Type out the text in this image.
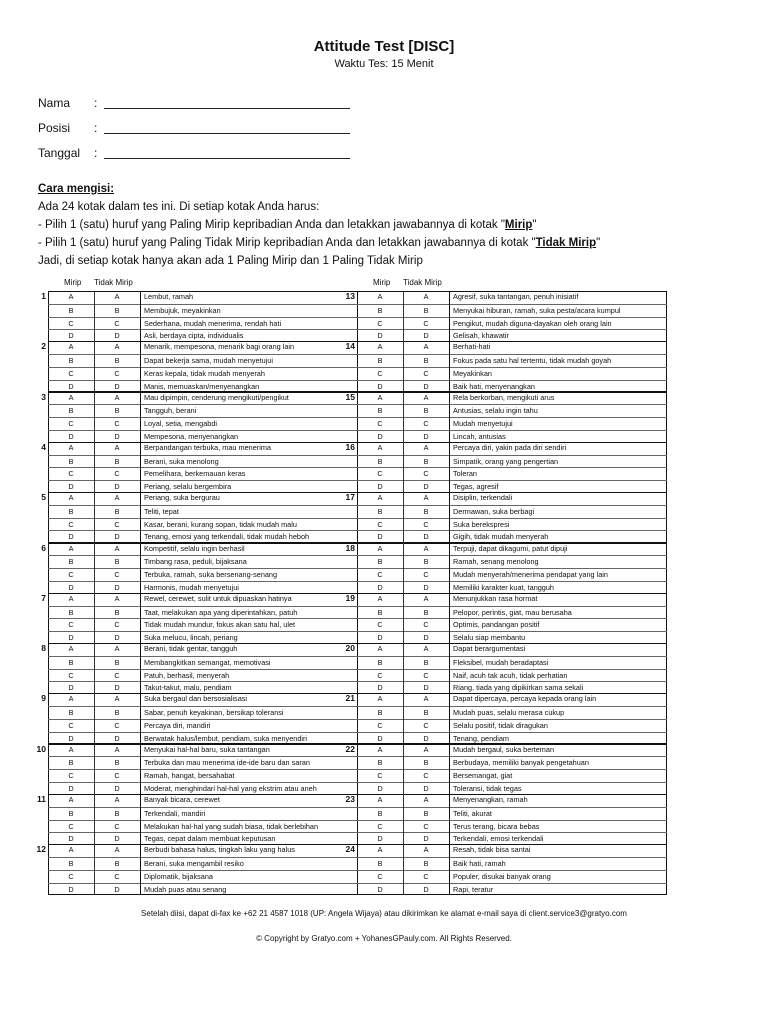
Attitude Test [DISC]
Waktu Tes: 15 Menit
Nama	:
Posisi	:
Tanggal	:
Cara mengisi:
Ada 24 kotak dalam tes ini. Di setiap kotak Anda harus:
- Pilih 1 (satu) huruf yang Paling Mirip kepribadian Anda dan letakkan jawabannya di kotak "Mirip"
- Pilih 1 (satu) huruf yang Paling Tidak Mirip kepribadian Anda dan letakkan jawabannya di kotak "Tidak Mirip"
Jadi, di setiap kotak hanya akan ada 1 Paling Mirip dan 1 Paling Tidak Mirip
Mirip Tidak Mirip	Mirip Tidak Mirip
1	A	A	Lembut, ramah
B	B	Membujuk, meyakinkan
C	C	Sederhana, mudah menerima, rendah hati
D	D	Asli, berdaya cipta, individualis
2	A	A	Menarik, mempesona, menarik bagi orang lain
B	B	Dapat bekerja sama, mudah menyetujui
C	C	Keras kepala, tidak mudah menyerah
D	D	Manis, memuaskan/menyenangkan
3	A	A	Mau dipimpin, cenderung mengikuti/pengikut
B	B	Tangguh, berani
C	C	Loyal, setia, mengabdi
D	D	Mempesona, menyenangkan
4	A	A	Berpandangan terbuka, mau menerima
B	B	Berani, suka menolong
C	C	Pemelihara, berkemauan keras
D	D	Periang, selalu bergembira
5	A	A	Periang, suka bergurau
B	B	Teliti, tepat
C	C	Kasar, berani, kurang sopan, tidak mudah malu
D	D	Tenang, emosi yang terkendali, tidak mudah heboh
6	A	A	Kompetitif, selalu ingin berhasil
B	B	Timbang rasa, peduli, bijaksana
C	C	Terbuka, ramah, suka bersenang-senang
D	D	Harmonis, mudah menyetujui
7	A	A	Rewel, cerewet, sulit untuk dipuaskan hatinya
B	B	Taat, melakukan apa yang diperintahkan, patuh
C	C	Tidak mudah mundur, fokus akan satu hal, ulet
D	D	Suka melucu, lincah, periang
8	A	A	Berani, tidak gentar, tangguh
B	B	Membangkitkan semangat, memotivasi
C	C	Patuh, berhasil, menyerah
D	D	Takut-takut, malu, pendiam
9	A	A	Suka bergaul dan bersosialisasi
B	B	Sabar, penuh keyakinan, bersikap toleransi
C	C	Percaya diri, mandiri
D	D	Berwatak halus/lembut, pendiam, suka menyendiri
10	A	A	Menyukai hal-hal baru, suka tantangan
B	B	Terbuka dan mau menerima ide-ide baru dan saran
C	C	Ramah, hangat, bersahabat
D	D	Moderat, menghindari hal-hal yang ekstrim atau aneh
11	A	A	Banyak bicara, cerewet
B	B	Terkendali, mandiri
C	C	Melakukan hal-hal yang sudah biasa, tidak berlebihan
D	D	Tegas, cepat dalam membuat keputusan
12	A	A	Berbudi bahasa halus, tingkah laku yang halus
B	B	Berani, suka mengambil resiko
C	C	Diplomatik, bijaksana
D	D	Mudah puas atau senang
13	A	A	Agresif, suka tantangan, penuh inisiatif
B	B	Menyukai hiburan, ramah, suka pesta/acara kumpul
C	C	Pengikut, mudah diguna-dayakan oleh orang lain
D	D	Gelisah, khawatir
14	A	A	Berhati-hati
B	B	Fokus pada satu hal tertentu, tidak mudah goyah
C	C	Meyakinkan
D	D	Baik hati, menyenangkan
15	A	A	Rela berkorban, mengikuti arus
B	B	Antusias, selalu ingin tahu
C	C	Mudah menyetujui
D	D	Lincah, antusias
16	A	A	Percaya diri, yakin pada diri sendiri
B	B	Simpatik, orang yang pengertian
C	C	Toleran
D	D	Tegas, agresif
17	A	A	Disiplin, terkendali
B	B	Dermawan, suka berbagi
C	C	Suka berekspresi
D	D	Gigih, tidak mudah menyerah
18	A	A	Terpuji, dapat dikagumi, patut dipuji
B	B	Ramah, senang menolong
C	C	Mudah menyerah/menerima pendapat yang lain
D	D	Memiliki karakter kuat, tangguh
19	A	A	Menunjukkan rasa hormat
B	B	Pelopor, perintis, giat, mau berusaha
C	C	Optimis, pandangan positif
D	D	Selalu siap membantu
20	A	A	Dapat berargumentasi
B	B	Fleksibel, mudah beradaptasi
C	C	Naif, acuh tak acuh, tidak perhatian
D	D	Riang, tiada yang dipikirkan sama sekali
21	A	A	Dapat dipercaya, percaya kepada orang lain
B	B	Mudah puas, selalu merasa cukup
C	C	Selalu positif, tidak diragukan
D	D	Tenang, pendiam
22	A	A	Mudah bergaul, suka berteman
B	B	Berbudaya, memiliki banyak pengetahuan
C	C	Bersemangat, giat
D	D	Toleransi, tidak tegas
23	A	A	Menyenangkan, ramah
B	B	Teliti, akurat
C	C	Terus terang, bicara bebas
D	D	Terkendali, emosi terkendali
24	A	A	Resah, tidak bisa santai
B	B	Baik hati, ramah
C	C	Populer, disukai banyak orang
D	D	Rapi, teratur
Setelah diisi, dapat di-fax ke +62 21 4587 1018 (UP: Angela Wijaya) atau dikirimkan ke alamat e-mail saya di client.service3@gratyo.com
© Copyright by Gratyo.com + YohanesGPauly.com. All Rights Reserved.
